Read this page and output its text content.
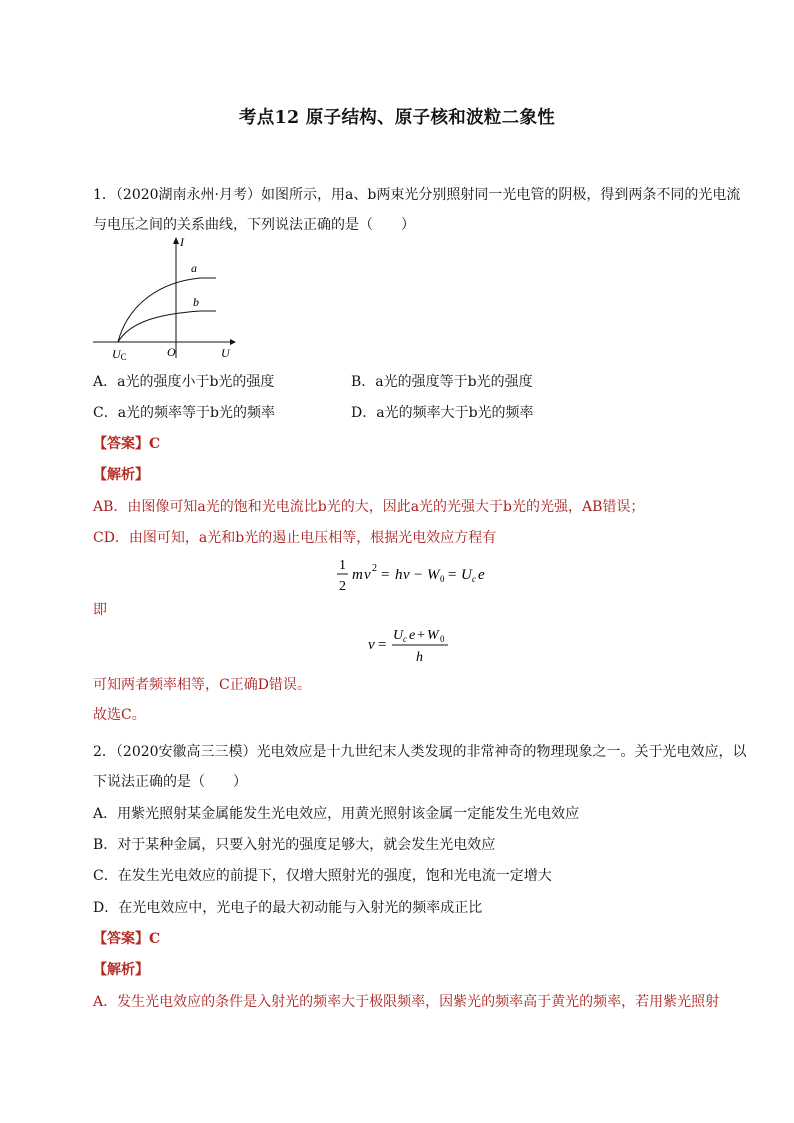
考点12 原子结构、原子核和波粒二象性
1．（2020湖南永州·月考）如图所示，用a、b两束光分别照射同一光电管的阴极，得到两条不同的光电流
与电压之间的关系曲线，下列说法正确的是（　　）
I
a
b
UC	O	U
A．a光的强度小于b光的强度	B．a光的强度等于b光的强度
C．a光的频率等于b光的频率	D．a光的频率大于b光的频率
【答案】C
【解析】
AB．由图像可知a光的饱和光电流比b光的大，因此a光的光强大于b光的光强，AB错误；
CD．由图可知，a光和b光的遏止电压相等，根据光电效应方程有
1
2
m v 2 = h ν − W 0 = U c e
即
ν =
U c e + W 0
h
可知两者频率相等，C正确D错误。
故选C。
2．（2020安徽高三三模）光电效应是十九世纪末人类发现的非常神奇的物理现象之一。关于光电效应，以
下说法正确的是（　　）
A．用紫光照射某金属能发生光电效应，用黄光照射该金属一定能发生光电效应
B．对于某种金属，只要入射光的强度足够大，就会发生光电效应
C．在发生光电效应的前提下，仅增大照射光的强度，饱和光电流一定增大
D．在光电效应中，光电子的最大初动能与入射光的频率成正比
【答案】C
【解析】
A．发生光电效应的条件是入射光的频率大于极限频率，因紫光的频率高于黄光的频率，若用紫光照射
